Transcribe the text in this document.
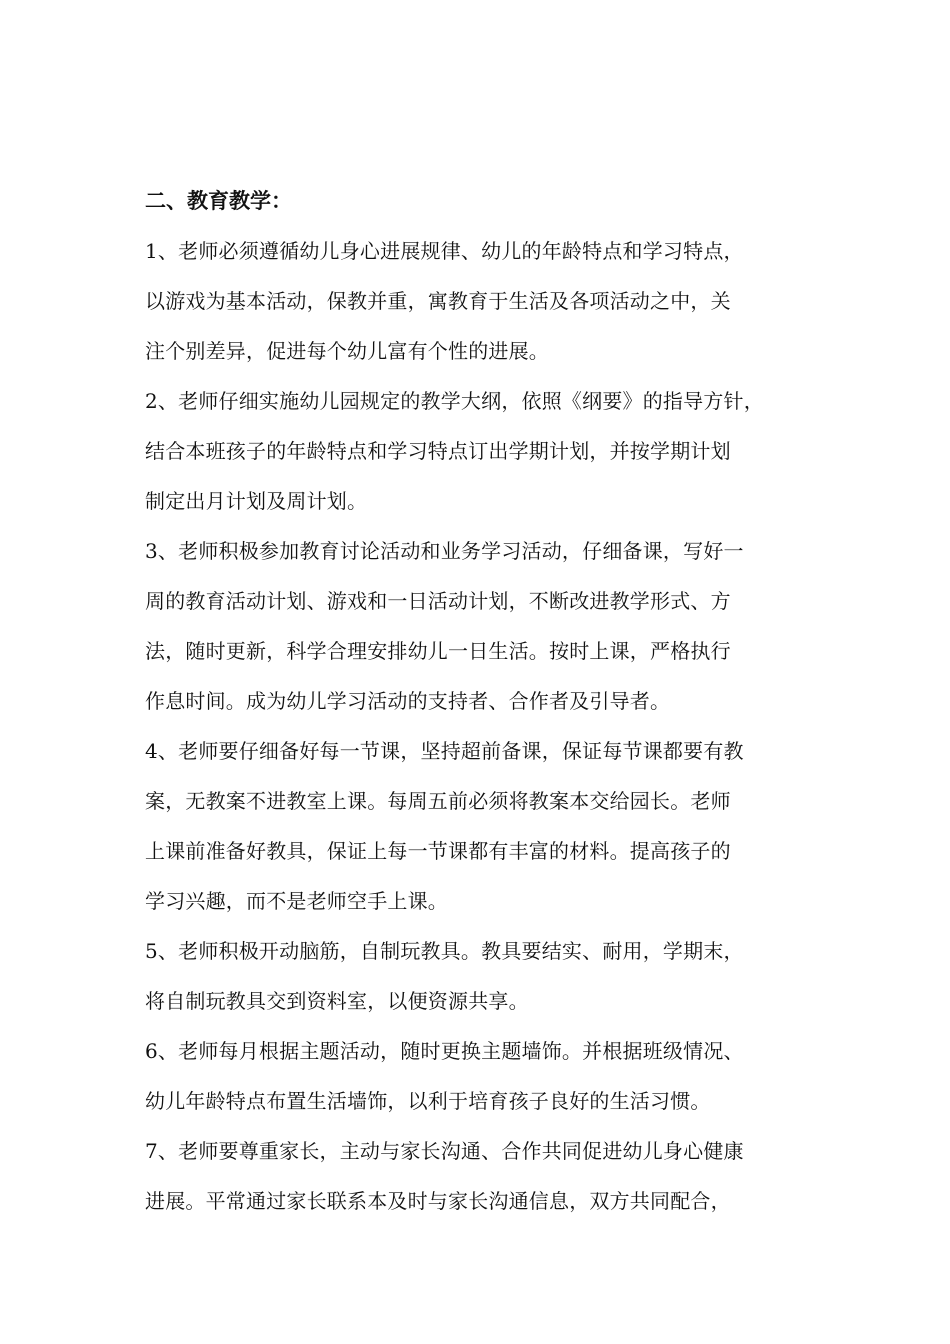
二、教育教学：
1、老师必须遵循幼儿身心进展规律、幼儿的年龄特点和学习特点，
以游戏为基本活动，保教并重，寓教育于生活及各项活动之中，关
注个别差异，促进每个幼儿富有个性的进展。
2、老师仔细实施幼儿园规定的教学大纲，依照《纲要》的指导方针，
结合本班孩子的年龄特点和学习特点订出学期计划，并按学期计划
制定出月计划及周计划。
3、老师积极参加教育讨论活动和业务学习活动，仔细备课，写好一
周的教育活动计划、游戏和一日活动计划，不断改进教学形式、方
法，随时更新，科学合理安排幼儿一日生活。按时上课，严格执行
作息时间。成为幼儿学习活动的支持者、合作者及引导者。
4、老师要仔细备好每一节课，坚持超前备课，保证每节课都要有教
案，无教案不进教室上课。每周五前必须将教案本交给园长。老师
上课前准备好教具，保证上每一节课都有丰富的材料。提高孩子的
学习兴趣，而不是老师空手上课。
5、老师积极开动脑筋，自制玩教具。教具要结实、耐用，学期末，
将自制玩教具交到资料室，以便资源共享。
6、老师每月根据主题活动，随时更换主题墙饰。并根据班级情况、
幼儿年龄特点布置生活墙饰，以利于培育孩子良好的生活习惯。
7、老师要尊重家长，主动与家长沟通、合作共同促进幼儿身心健康
进展。平常通过家长联系本及时与家长沟通信息，双方共同配合，
